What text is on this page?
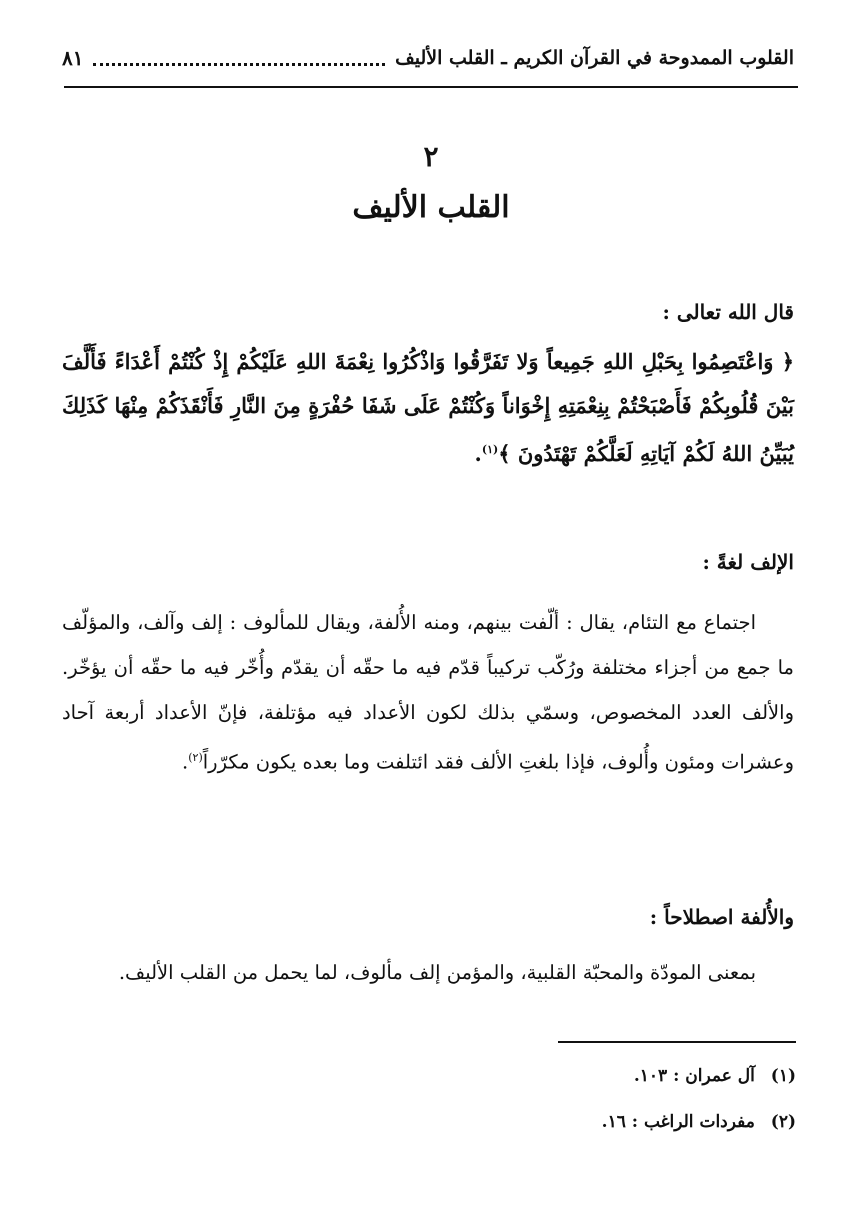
القلوب الممدوحة في القرآن الكريم ـ القلب الأليف
٨١
٢
القلب الأليف
قال الله تعالى :
﴿ وَاعْتَصِمُوا بِحَبْلِ اللهِ جَمِيعاً وَلا تَفَرَّقُوا وَاذْكُرُوا نِعْمَةَ اللهِ عَلَيْكُمْ إِذْ كُنْتُمْ أَعْدَاءً فَأَلَّفَ بَيْنَ قُلُوبِكُمْ فَأَصْبَحْتُمْ بِنِعْمَتِهِ إِخْوَاناً وَكُنْتُمْ عَلَى شَفَا حُفْرَةٍ مِنَ النَّارِ فَأَنْقَذَكُمْ مِنْهَا كَذَلِكَ يُبَيِّنُ اللهُ لَكُمْ آيَاتِهِ لَعَلَّكُمْ تَهْتَدُونَ ﴾$^{(١)}$.
الإلف لغةً :
اجتماع مع التئام، يقال : ألّفت بينهم، ومنه الأُلفة، ويقال للمألوف : إلف وآلف، والمؤلّف ما جمع من أجزاء مختلفة ورُكّب تركيباً قدّم فيه ما حقّه أن يقدّم وأُخّر فيه ما حقّه أن يؤخّر. والألف العدد المخصوص، وسمّي بذلك لكون الأعداد فيه مؤتلفة، فإنّ الأعداد أربعة آحاد وعشرات ومئون وأُلوف، فإذا بلغتِ الألف فقد ائتلفت وما بعده يكون مكرّراً$^{(٢)}$.
والأُلفة اصطلاحاً :
بمعنى المودّة والمحبّة القلبية، والمؤمن إلف مألوف، لما يحمل من القلب الأليف.
(١) آل عمران : ١٠٣.
(٢) مفردات الراغب : ١٦.
